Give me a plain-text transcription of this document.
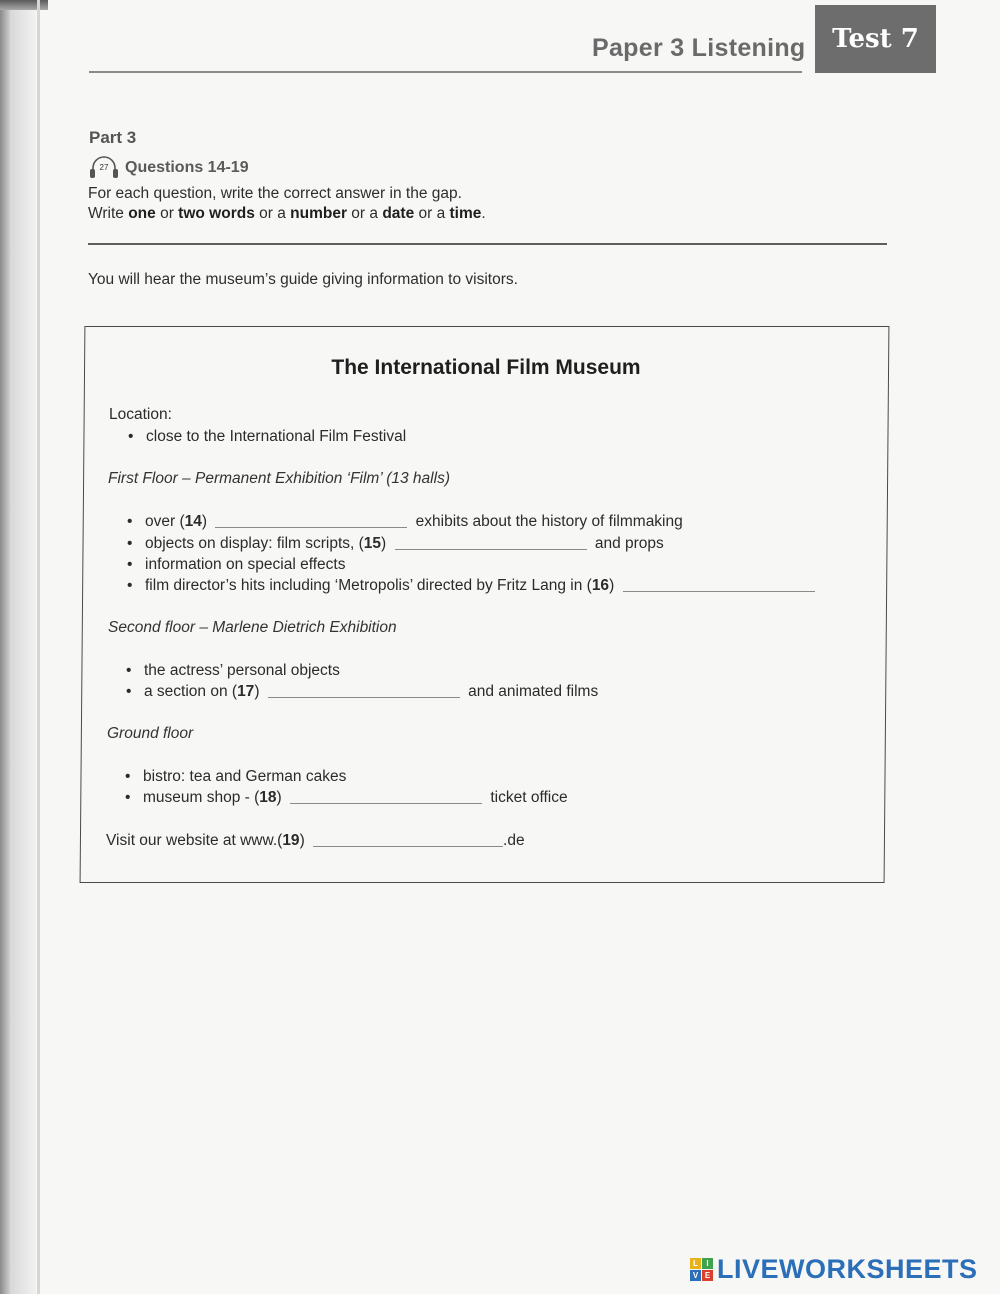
Paper 3 Listening	Test 7
Part 3
27 Questions 14-19
For each question, write the correct answer in the gap.
Write one or two words or a number or a date or a time.
You will hear the museum’s guide giving information to visitors.
The International Film Museum
Location:
• close to the International Film Festival
First Floor – Permanent Exhibition ‘Film’ (13 halls)
• over (14)	exhibits about the history of filmmaking
• objects on display: film scripts, (15)	and props
• information on special effects
• film director’s hits including ‘Metropolis’ directed by Fritz Lang in (16)
Second floor – Marlene Dietrich Exhibition
• the actress’ personal objects
• a section on (17)	and animated films
Ground floor
• bistro: tea and German cakes
• museum shop - (18)	ticket office
Visit our website at www.(19)	.de
L	I
V E LIVEWORKSHEETS
